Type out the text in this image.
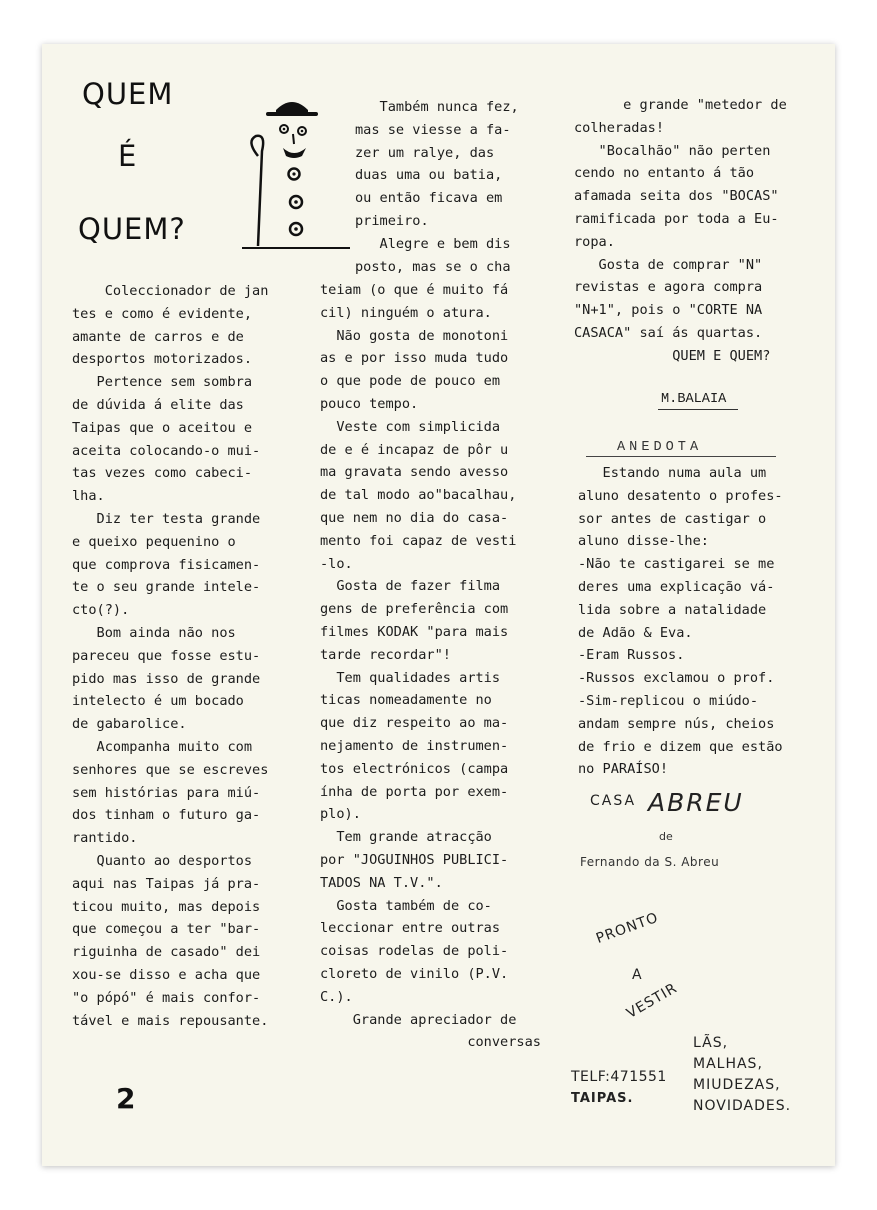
QUEM
É
QUEM?
Coleccionador de jan
tes e como é evidente,
amante de carros e de
desportos motorizados.
Pertence sem sombra
de dúvida á elite das
Taipas que o aceitou e
aceita colocando-o mui-
tas vezes como cabeci-
lha.
Diz ter testa grande
e queixo pequenino o
que comprova fisicamen-
te o seu grande intele-
cto(?).
Bom ainda não nos
pareceu que fosse estu-
pido mas isso de grande
intelecto é um bocado
de gabarolice.
Acompanha muito com
senhores que se escreves
sem histórias para miú-
dos tinham o futuro ga-
rantido.
Quanto ao desportos
aqui nas Taipas já pra-
ticou muito, mas depois
que começou a ter "bar-
riguinha de casado" dei
xou-se disso e acha que
"o pópó" é mais confor-
tável e mais repousante.
Também nunca fez,
mas se viesse a fa-
zer um ralye, das
duas uma ou batia,
ou então ficava em
primeiro.
Alegre e bem dis
posto, mas se o cha
teiam (o que é muito fá
cil) ninguém o atura.
Não gosta de monotoni
as e por isso muda tudo
o que pode de pouco em
pouco tempo.
Veste com simplicida
de e é incapaz de pôr u
ma gravata sendo avesso
de tal modo ao"bacalhau,
que nem no dia do casa-
mento foi capaz de vesti
-lo.
Gosta de fazer filma
gens de preferência com
filmes KODAK "para mais
tarde recordar"!
Tem qualidades artis
ticas nomeadamente no
que diz respeito ao ma-
nejamento de instrumen-
tos electrónicos (campa
ínha de porta por exem-
plo).
Tem grande atracção
por "JOGUINHOS PUBLICI-
TADOS NA T.V.".
Gosta também de co-
leccionar entre outras
coisas rodelas de poli-
cloreto de vinilo (P.V.
C.).
Grande apreciador de
conversas
e grande "metedor de
colheradas!
"Bocalhão" não perten
cendo no entanto á tão
afamada seita dos "BOCAS"
ramificada por toda a Eu-
ropa.
Gosta de comprar "N"
revistas e agora compra
"N+1", pois o "CORTE NA
CASACA" saí ás quartas.
QUEM E QUEM?
M.BALAIA
ANEDOTA
Estando numa aula um
aluno desatento o profes-
sor antes de castigar o
aluno disse-lhe:
-Não te castigarei se me
deres uma explicação vá-
lida sobre a natalidade
de Adão & Eva.
-Eram Russos.
-Russos exclamou o prof.
-Sim-replicou o miúdo-
andam sempre nús, cheios
de frio e dizem que estão
no PARAÍSO!
CASA ABREU
de
Fernando da S. Abreu
PRONTO
A
VESTIR
TELF:471551
TAIPAS.
LÃS,
MALHAS,
MIUDEZAS,
NOVIDADES.
2
